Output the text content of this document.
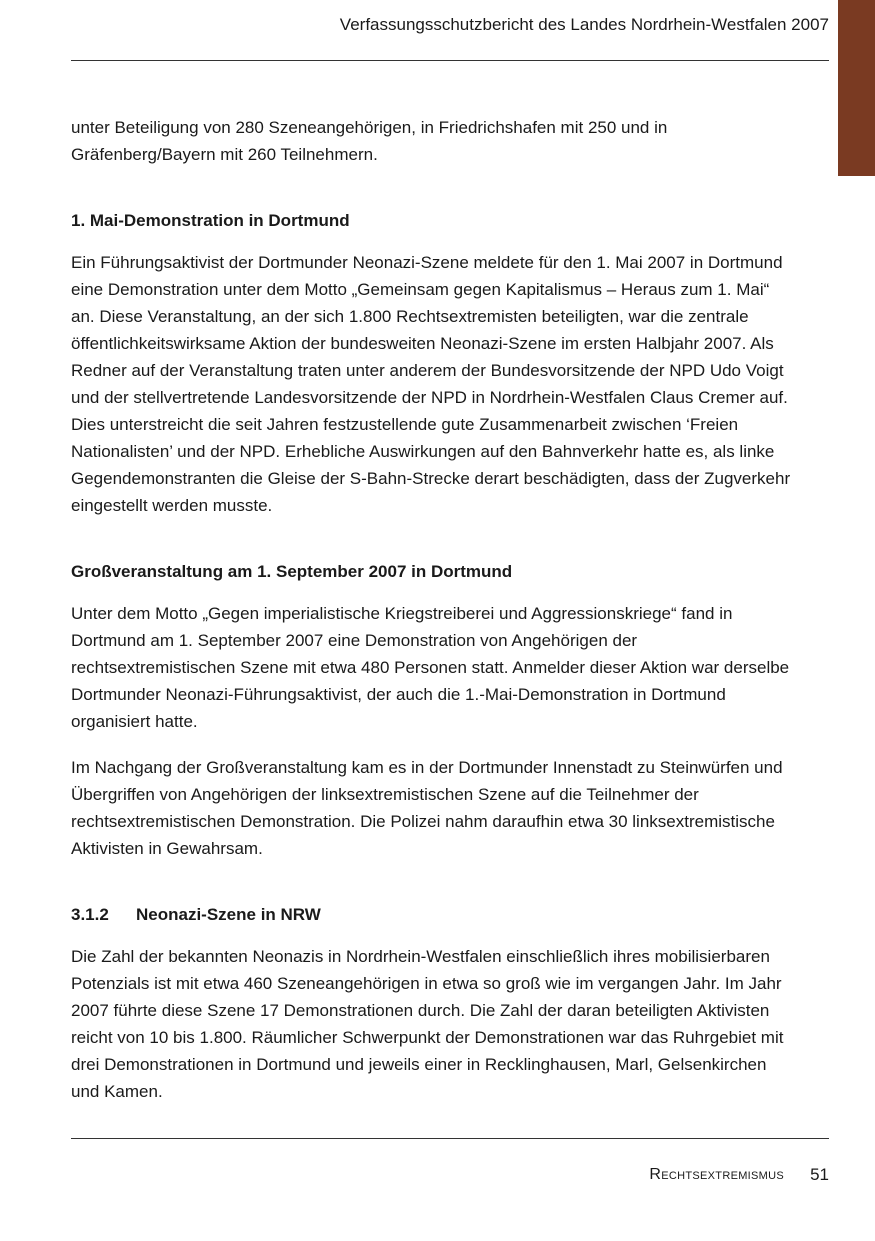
Verfassungsschutzbericht des Landes Nordrhein-Westfalen 2007

unter Beteiligung von 280 Szeneangehörigen, in Friedrichshafen mit 250 und in Gräfenberg/Bayern mit 260 Teilnehmern.

1. Mai-Demonstration in Dortmund

Ein Führungsaktivist der Dortmunder Neonazi-Szene meldete für den 1. Mai 2007 in Dortmund eine Demonstration unter dem Motto „Gemeinsam gegen Kapitalismus – Heraus zum 1. Mai“ an. Diese Veranstaltung, an der sich 1.800 Rechtsextremisten beteiligten, war die zentrale öffentlichkeitswirksame Aktion der bundesweiten Neonazi-Szene im ersten Halbjahr 2007. Als Redner auf der Veranstaltung traten unter anderem der Bundesvorsitzende der NPD Udo Voigt und der stellvertretende Landesvorsitzende der NPD in Nordrhein-Westfalen Claus Cremer auf. Dies unterstreicht die seit Jahren festzustellende gute Zusammenarbeit zwischen ‘Freien Nationalisten’ und der NPD. Erhebliche Auswirkungen auf den Bahnverkehr hatte es, als linke Gegendemonstranten die Gleise der S-Bahn-Strecke derart beschädigten, dass der Zugverkehr eingestellt werden musste.

Großveranstaltung am 1. September 2007 in Dortmund

Unter dem Motto „Gegen imperialistische Kriegstreiberei und Aggressionskriege“ fand in Dortmund am 1. September 2007 eine Demonstration von Angehörigen der rechtsextremistischen Szene mit etwa 480 Personen statt. Anmelder dieser Aktion war derselbe Dortmunder Neonazi-Führungsaktivist, der auch die 1.-Mai-Demonstration in Dortmund organisiert hatte.

Im Nachgang der Großveranstaltung kam es in der Dortmunder Innenstadt zu Steinwürfen und Übergriffen von Angehörigen der linksextremistischen Szene auf die Teilnehmer der rechtsextremistischen Demonstration. Die Polizei nahm daraufhin etwa 30 linksextremistische Aktivisten in Gewahrsam.

3.1.2 Neonazi-Szene in NRW

Die Zahl der bekannten Neonazis in Nordrhein-Westfalen einschließlich ihres mobilisierbaren Potenzials ist mit etwa 460 Szeneangehörigen in etwa so groß wie im vergangen Jahr. Im Jahr 2007 führte diese Szene 17 Demonstrationen durch. Die Zahl der daran beteiligten Aktivisten reicht von 10 bis 1.800. Räumlicher Schwerpunkt der Demonstrationen war das Ruhrgebiet mit drei Demonstrationen in Dortmund und jeweils einer in Recklinghausen, Marl, Gelsenkirchen und Kamen.

Rechtsextremismus 51
